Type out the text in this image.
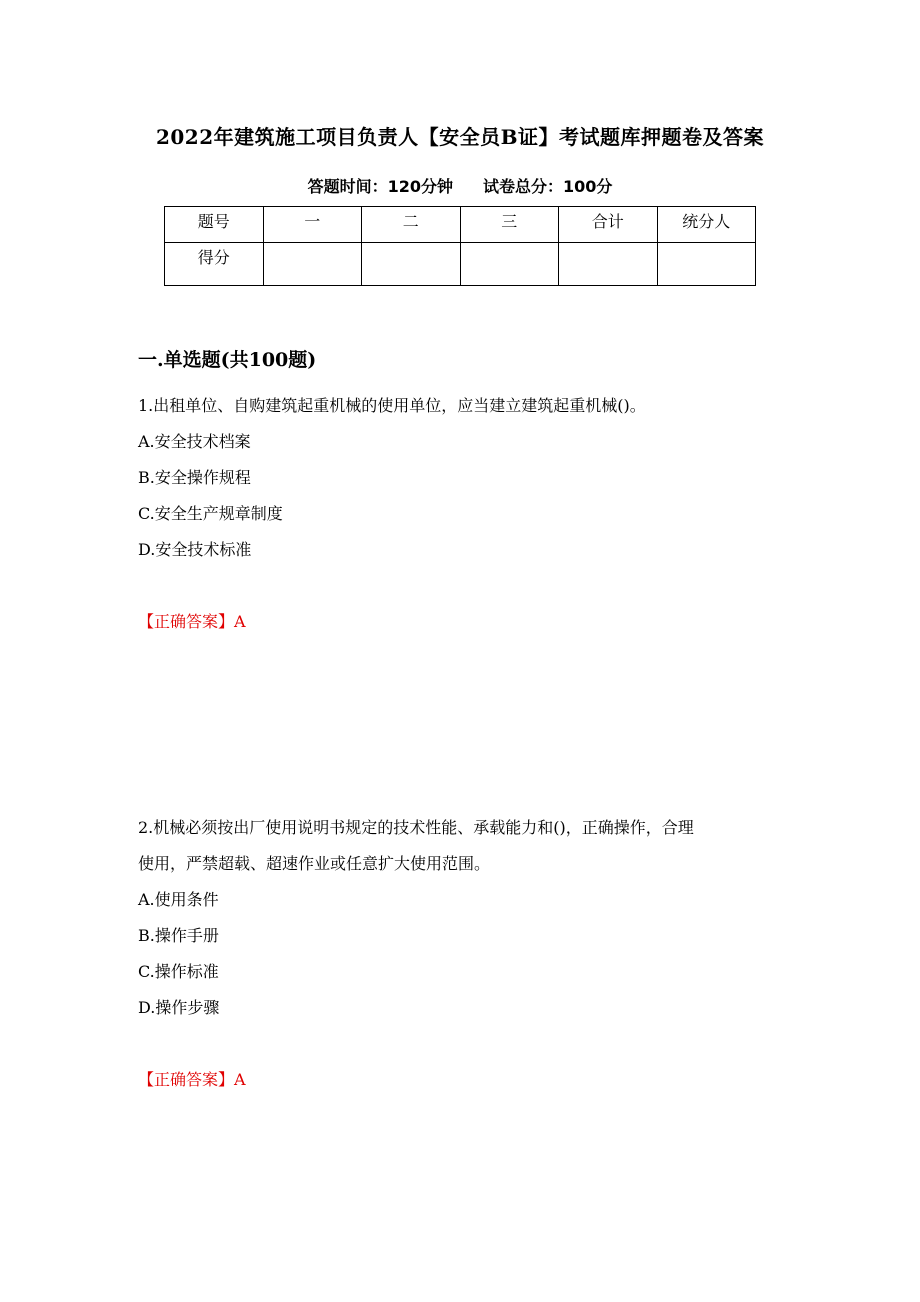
2022年建筑施工项目负责人【安全员B证】考试题库押题卷及答案
答题时间：120分钟 试卷总分：100分
题号	一	二	三	合计	统分人
得分					
一.单选题(共100题)
1.出租单位、自购建筑起重机械的使用单位，应当建立建筑起重机械()。
A.安全技术档案
B.安全操作规程
C.安全生产规章制度
D.安全技术标准
【正确答案】A
2.机械必须按出厂使用说明书规定的技术性能、承载能力和()，正确操作，合理
使用，严禁超载、超速作业或任意扩大使用范围。
A.使用条件
B.操作手册
C.操作标准
D.操作步骤
【正确答案】A
